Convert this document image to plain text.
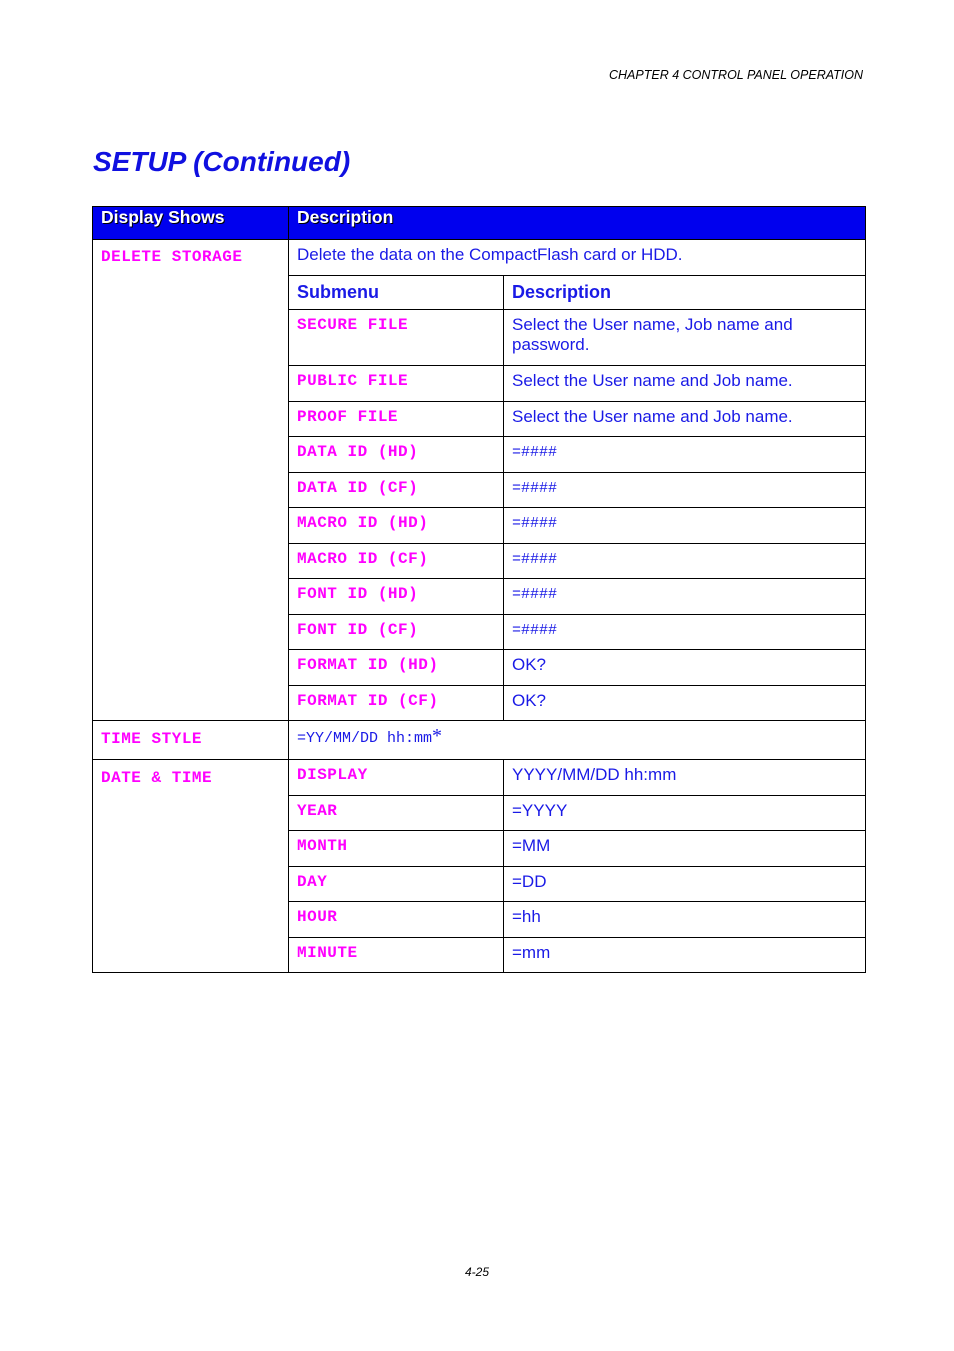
CHAPTER 4 CONTROL PANEL OPERATION
SETUP (Continued)
Display Shows	Description	
DELETE STORAGE	Delete the data on the CompactFlash card or HDD.	
	Submenu	Description
	SECURE FILE	Select the User name, Job name and password.
	PUBLIC FILE	Select the User name and Job name.
	PROOF FILE	Select the User name and Job name.
	DATA ID (HD)	=####
	DATA ID (CF)	=####
	MACRO ID (HD)	=####
	MACRO ID (CF)	=####
	FONT ID (HD)	=####
	FONT ID (CF)	=####
	FORMAT ID (HD)	OK?
	FORMAT ID (CF)	OK?
TIME STYLE	=YY/MM/DD hh:mm*	
DATE & TIME	DISPLAY	YYYY/MM/DD hh:mm
	YEAR	=YYYY
	MONTH	=MM
	DAY	=DD
	HOUR	=hh
	MINUTE	=mm
4-25
